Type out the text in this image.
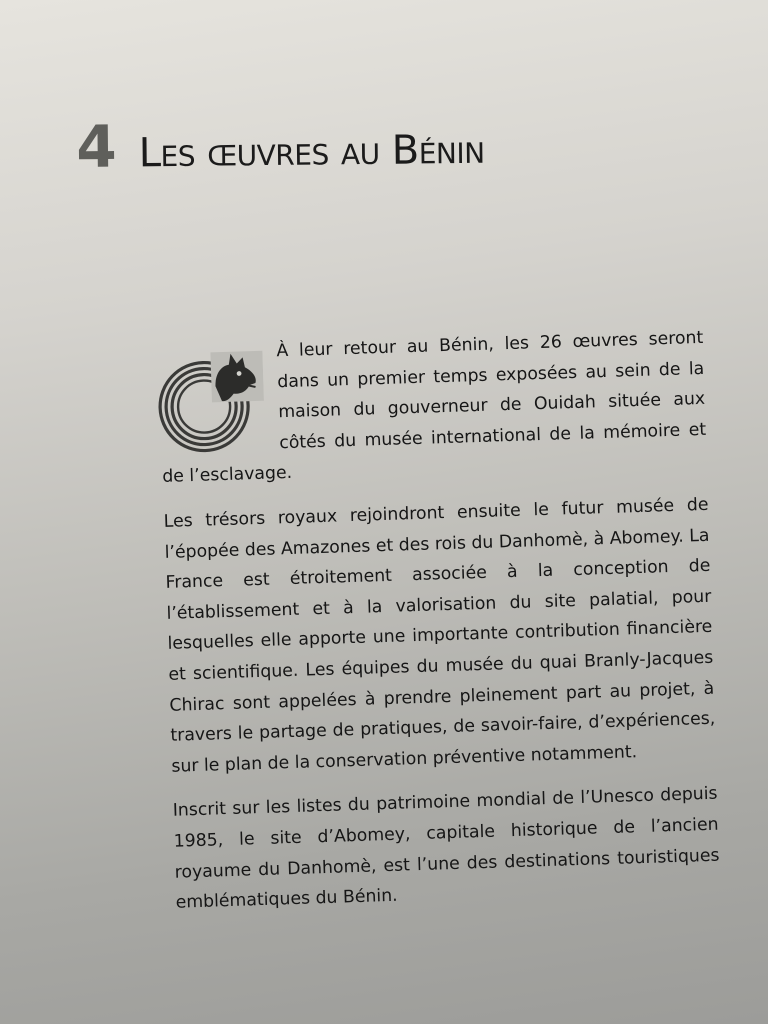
4 Les œuvres au Bénin

À leur retour au Bénin, les 26 œuvres seront dans un premier temps exposées au sein de la maison du gouverneur de Ouidah située aux côtés du musée international de la mémoire et de l’esclavage.

Les trésors royaux rejoindront ensuite le futur musée de l’épopée des Amazones et des rois du Danhomè, à Abomey. La France est étroitement associée à la conception de l’établissement et à la valorisation du site palatial, pour lesquelles elle apporte une importante contribution financière et scientifique. Les équipes du musée du quai Branly-Jacques Chirac sont appelées à prendre pleinement part au projet, à travers le partage de pratiques, de savoir-faire, d’expériences, sur le plan de la conservation préventive notamment.

Inscrit sur les listes du patrimoine mondial de l’Unesco depuis 1985, le site d’Abomey, capitale historique de l’ancien royaume du Danhomè, est l’une des destinations touristiques emblématiques du Bénin.
